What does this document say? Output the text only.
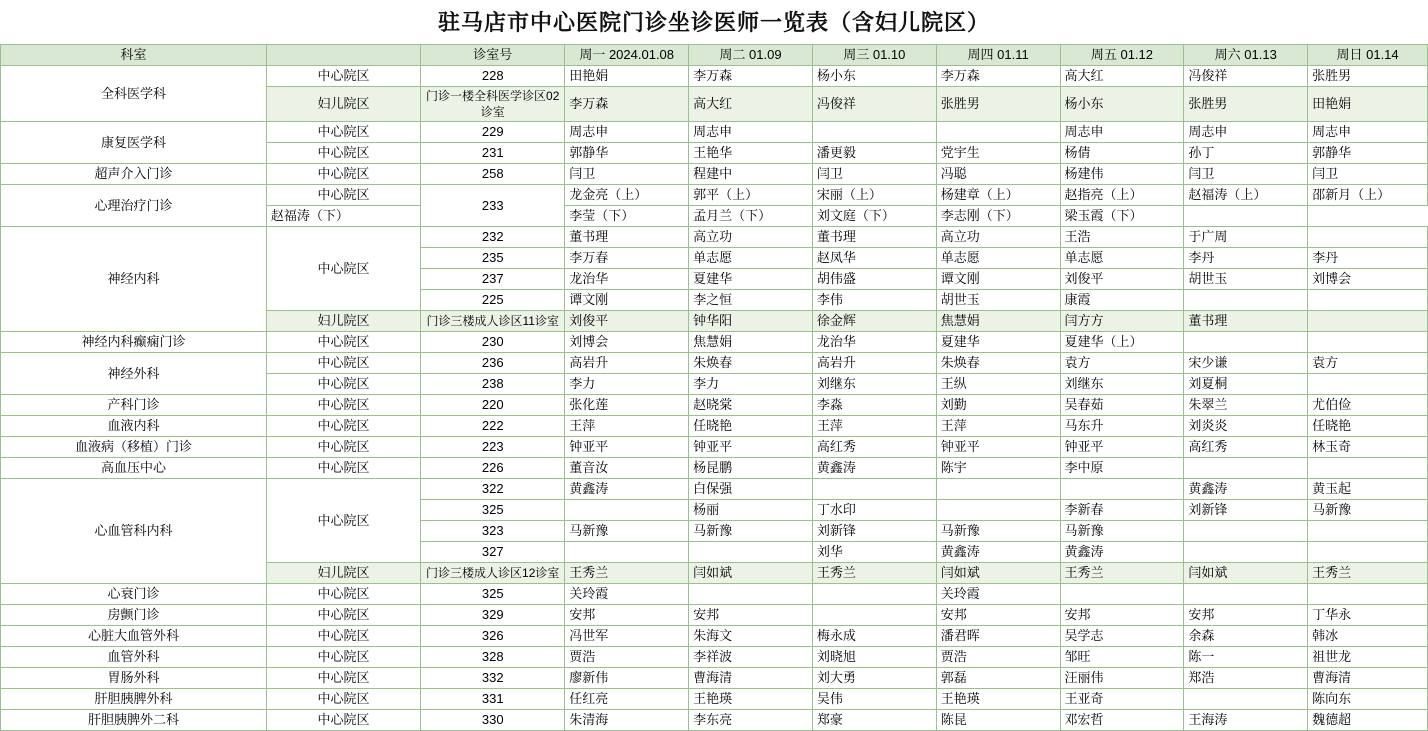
驻马店市中心医院门诊坐诊医师一览表（含妇儿院区）
科室		诊室号	周一 2024.01.08	周二 01.09	周三 01.10	周四 01.11	周五 01.12	周六 01.13	周日 01.14
全科医学科	中心院区	228	田艳娟	李万森	杨小东	李万森	高大红	冯俊祥	张胜男
	妇儿院区	门诊一楼全科医学诊区02诊室	李万森	高大红	冯俊祥	张胜男	杨小东	张胜男	田艳娟
康复医学科	中心院区	229	周志申	周志申			周志申	周志申	周志申
	中心院区	231	郭静华	王艳华	潘更毅	党宇生	杨倩	孙丁	郭静华
超声介入门诊	中心院区	258	闫卫	程建中	闫卫	冯聪	杨建伟	闫卫	闫卫
心理治疗门诊	中心院区	233	龙金亮（上）	郭平（上）	宋丽（上）	杨建章（上）	赵指亮（上）	赵福涛（上）	邵新月（上）
	赵福涛（下）		李莹（下）	孟月兰（下）	刘文庭（下）	李志刚（下）	梁玉霞（下）		
神经内科	中心院区	232	董书理	高立功	董书理	高立功	王浩	于广周	
		235	李万春	单志愿	赵凤华	单志愿	单志愿	李丹	李丹
		237	龙治华	夏建华	胡伟盛	谭文刚	刘俊平	胡世玉	刘博会
		225	谭文刚	李之恒	李伟	胡世玉	康霞		
	妇儿院区	门诊三楼成人诊区11诊室	刘俊平	钟华阳	徐金辉	焦慧娟	闫方方	董书理	
神经内科癫痫门诊	中心院区	230	刘博会	焦慧娟	龙治华	夏建华	夏建华（上）		
神经外科	中心院区	236	高岩升	朱焕春	高岩升	朱焕春	袁方	宋少谦	袁方
	中心院区	238	李力	李力	刘继东	王纵	刘继东	刘夏桐	
产科门诊	中心院区	220	张化莲	赵晓棠	李淼	刘勤	吴春茹	朱翠兰	尤伯俭
血液内科	中心院区	222	王萍	任晓艳	王萍	王萍	马东升	刘炎炎	任晓艳
血液病（移植）门诊	中心院区	223	钟亚平	钟亚平	高红秀	钟亚平	钟亚平	高红秀	林玉奇
高血压中心	中心院区	226	董音汝	杨昆鹏	黄鑫涛	陈宇	李中原		
心血管科内科	中心院区	322	黄鑫涛	白保强				黄鑫涛	黄玉起
		325		杨丽	丁水印		李新春	刘新锋	马新豫
		323	马新豫	马新豫	刘新锋	马新豫	马新豫		
		327			刘华	黄鑫涛	黄鑫涛		
	妇儿院区	门诊三楼成人诊区12诊室	王秀兰	闫如斌	王秀兰	闫如斌	王秀兰	闫如斌	王秀兰
心衰门诊	中心院区	325	关玲霞			关玲霞			
房颤门诊	中心院区	329	安邦	安邦		安邦	安邦	安邦	丁华永
心脏大血管外科	中心院区	326	冯世军	朱海文	梅永成	潘君晖	吴学志	余森	韩冰
血管外科	中心院区	328	贾浩	李祥波	刘晓旭	贾浩	邹旺	陈一	祖世龙
胃肠外科	中心院区	332	廖新伟	曹海清	刘大勇	郭磊	汪丽伟	郑浩	曹海清
肝胆胰脾外科	中心院区	331	任红亮	王艳瑛	吴伟	王艳瑛	王亚奇		陈向东
肝胆胰脾外二科	中心院区	330	朱清海	李东亮	郑豪	陈昆	邓宏哲	王海涛	魏德超
